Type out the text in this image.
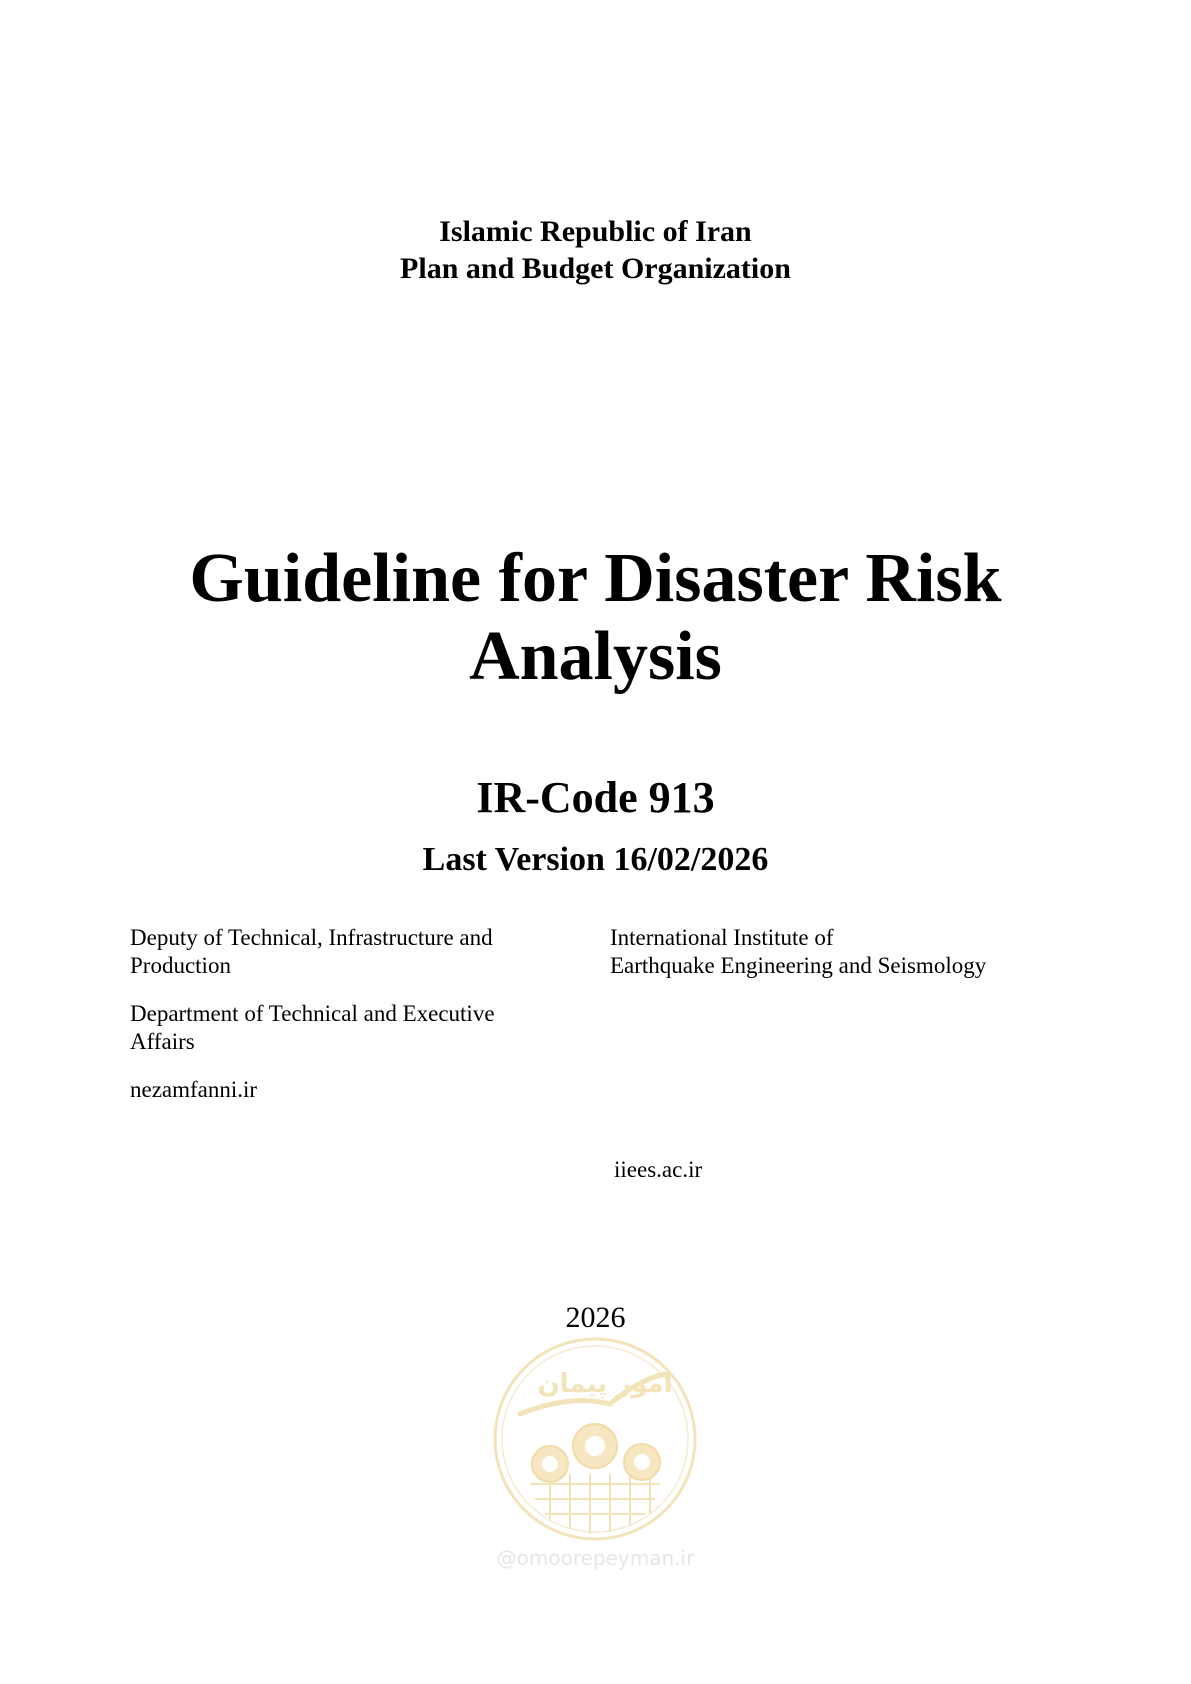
Islamic Republic of Iran
Plan and Budget Organization
Guideline for Disaster Risk
Analysis
IR-Code 913
Last Version 16/02/2026
Deputy of Technical, Infrastructure and Production
Department of Technical and Executive Affairs
nezamfanni.ir
International Institute of
Earthquake Engineering and Seismology
iiees.ac.ir
2026
امور پیمان
@omoorepeyman.ir
